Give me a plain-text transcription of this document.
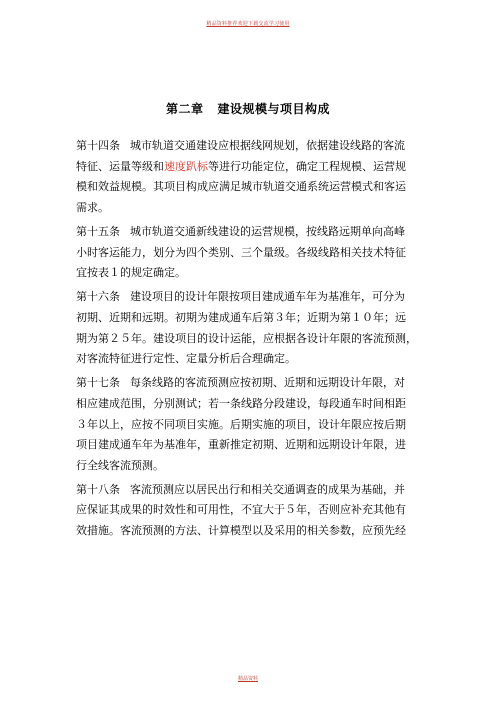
精品资料推荐欢迎下载交流学习使用
第二章 建设规模与项目构成
第十四条 城市轨道交通建设应根据线网规划，依据建设线路的客流
特征、运量等级和速度趴标等进行功能定位，确定工程规模、运营规
模和效益规模。其项目构成应满足城市轨道交通系统运营模式和客运
需求。
第十五条 城市轨道交通新线建设的运营规模，按线路远期单向高峰
小时客运能力，划分为四个类别、三个量级。各级线路相关技术特征
宜按表１的规定确定。
第十六条 建设项目的设计年限按项目建成通车年为基准年，可分为
初期、近期和远期。初期为建成通车后第３年；近期为第１０年；远
期为第２５年。建设项目的设计运能，应根据各设计年限的客流预测，
对客流特征进行定性、定量分析后合理确定。
第十七条 每条线路的客流预测应按初期、近期和远期设计年限，对
相应建成范围，分别测试；若一条线路分段建设，每段通车时间相距
３年以上，应按不同项目实施。后期实施的项目，设计年限应按后期
项目建成通车年为基准年，重新推定初期、近期和远期设计年限，进
行全线客流预测。
第十八条 客流预测应以居民出行和相关交通调查的成果为基础，并
应保证其成果的时效性和可用性，不宜大于５年，否则应补充其他有
效措施。客流预测的方法、计算模型以及采用的相关参数，应预先经
精品资料
